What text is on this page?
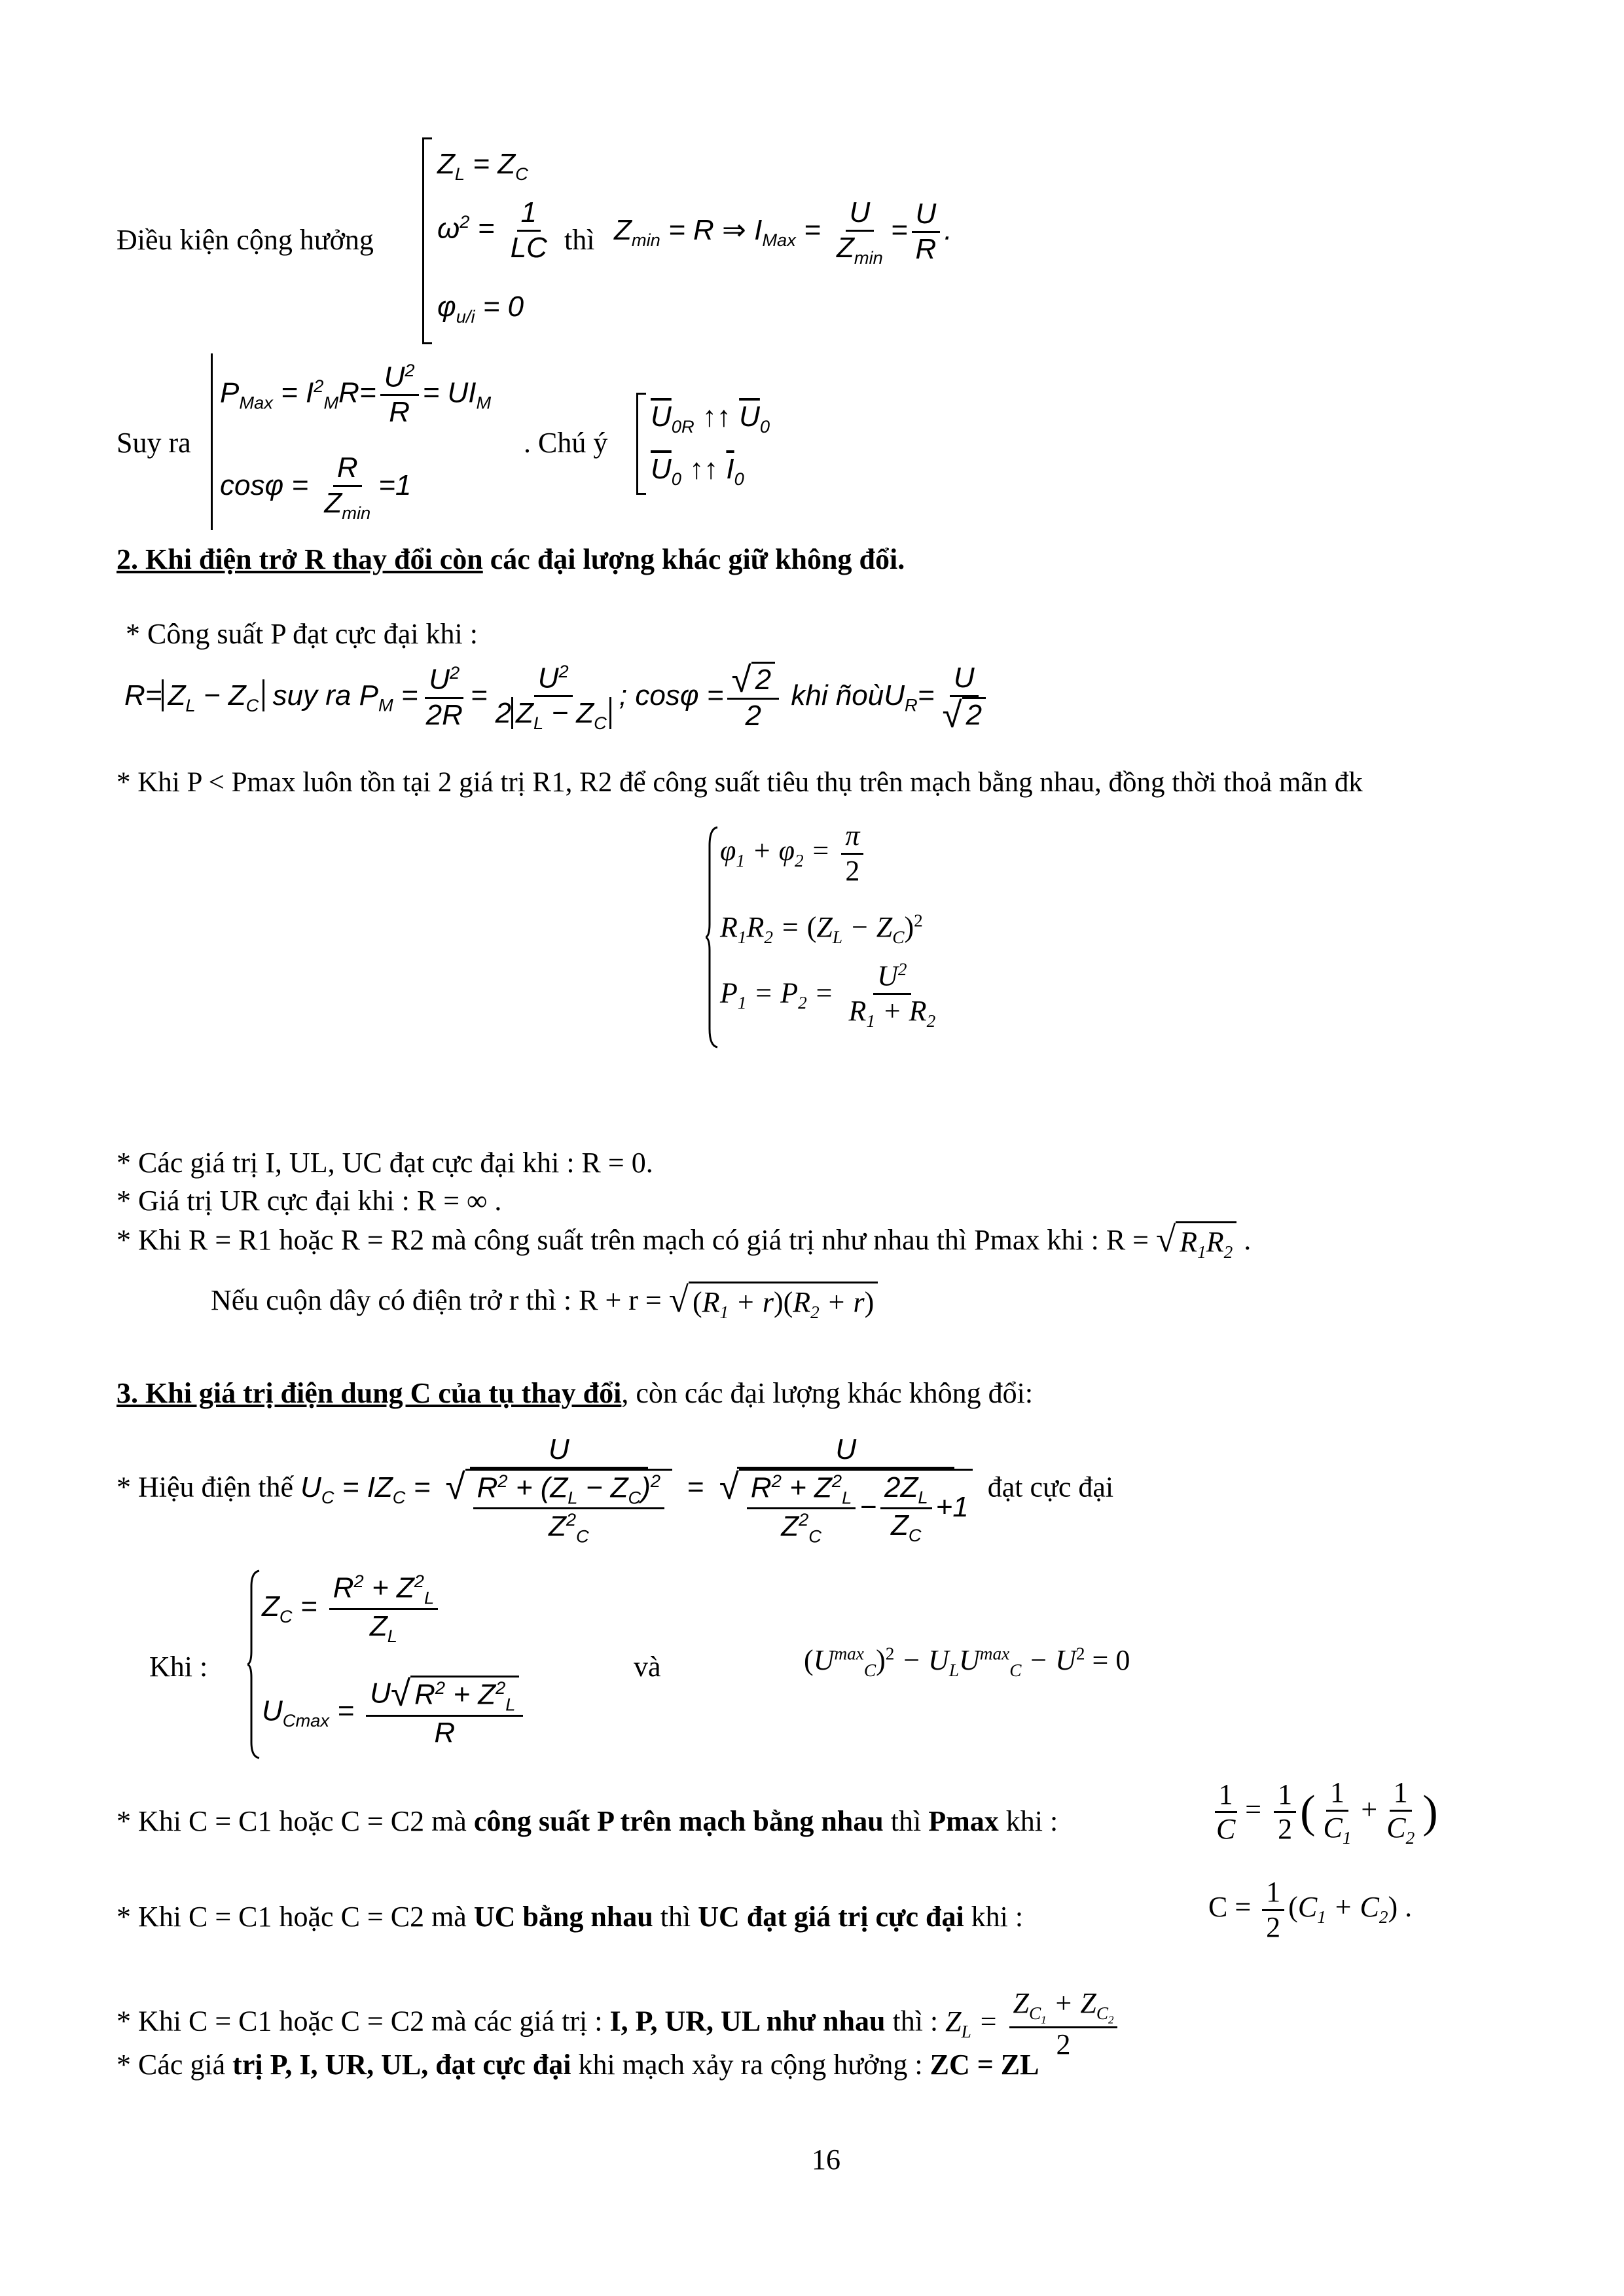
Điều kiện cộng hưởng
$Z_L = Z_C$
$\omega^2 = \frac{1}{LC}$
$\varphi_{u/i} = 0$
thì $Z_{min} = R$ ⇒ $I_{Max} = \frac{U}{Z_{min}} = \frac{U}{R}$ .
Suy ra
$P_{Max} = I^2_MR= \frac{U^2}{R} = UI_M$
$\cos\varphi = \frac{R}{Z_{min}} =1$
. Chú ý
$\overline{U}_{0R}$ ↑↑ $\overline{U}_0$
$\overline{U}_0$ ↑↑ $\overline{I}_0$
2. Khi điện trở R thay đổi còn các đại lượng khác giữ không đổi.
* Công suất P đạt cực đại khi :
$R= Z_L - Z_C$ suy ra $P_M = \frac{U^2}{2R} = \frac{U^2}{2 Z_L - Z_C}$ ; $\cos\varphi = \frac{√ 2}{2}$ khi ñoùU$_R$= $\frac{U}{√ 2}$
* Khi P < Pmax luôn tồn tại 2 giá trị R1, R2 để công suất tiêu thụ trên mạch bằng nhau, đồng thời thoả mãn đk
$\varphi_1 + \varphi_2 = \frac{\pi}{2}$
$R_1R_2 = (Z_L - Z_C)^2$
$P_1 = P_2 = \frac{U^2}{R_1 + R_2}$
* Các giá trị I, UL, UC đạt cực đại khi : R = 0.
* Giá trị UR cực đại khi : R = ∞ .
* Khi R = R1 hoặc R = R2 mà công suất trên mạch có giá trị như nhau thì Pmax khi : R = √ $R_1R_2$ .
Nếu cuộn dây có điện trở r thì : R + r = √ $(R_1 + r)(R_2 + r)$
3. Khi giá trị điện dung C của tụ thay đổi, còn các đại lượng khác không đổi:
* Hiệu điện thế $U_C = IZ_C = \frac{U}{√ \frac{R^2 + (Z_L - Z_C)^2}{Z^2_C}} = \frac{U}{√ \frac{R^2 + Z^2_L}{Z^2_C} - \frac{2Z_L}{Z_C} +1}$ đạt cực đại
Khi :
$Z_C = \frac{R^2 + Z^2_L}{Z_L}$
$U_{Cmax} = \frac{U √ R^2 + Z^2_L}{R}$
và	$(U^{max}_C)^2 - U_LU^{max}_C - U^2 = 0$
* Khi C = C1 hoặc C = C2 mà công suất P trên mạch bằng nhau thì Pmax khi :	$\frac{1}{C} = \frac{1}{2}$ ( $\frac{1}{C_1} + \frac{1}{C_2}$ )
* Khi C = C1 hoặc C = C2 mà UC bằng nhau thì UC đạt giá trị cực đại khi :	$C = \frac{1}{2} (C_1 + C_2)$ .
* Khi C = C1 hoặc C = C2 mà các giá trị : I, P, UR, UL như nhau thì : $Z_L = \frac{Z_{C_1} + Z_{C_2}}{2}$
* Các giá trị P, I, UR, UL, đạt cực đại khi mạch xảy ra cộng hưởng : ZC = ZL
16
